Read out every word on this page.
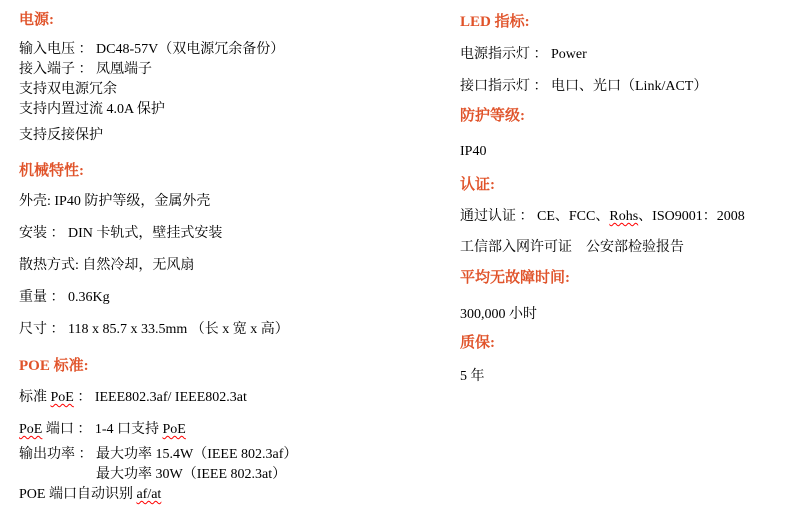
电源:

输入电压 ： DC48-57V（双电源冗余备份）

接入端子 ： 凤凰端子

支持双电源冗余

支持内置过流 4.0A 保护

支持反接保护

机械特性:

外壳: IP40 防护等级，金属外壳

安装 ： DIN 卡轨式，壁挂式安装

散热方式: 自然冷却，无风扇

重量 ： 0.36Kg

尺寸 ： 118 x 85.7 x 33.5mm （长 x 宽 x 高）

POE 标准:

标准 PoE ： IEEE802.3af/ IEEE802.3at

PoE 端口 ： 1-4 口支持 PoE

输出功率 ： 最大功率 15.4W（IEEE 802.3af）

最大功率 30W（IEEE 802.3at）

POE 端口自动识别 af/at

LED 指标:

电源指示灯 ： Power

接口指示灯 ： 电口、光口（Link/ACT）

防护等级:

IP40

认证:

通过认证 ： CE、FCC、Rohs、ISO9001：2008

工信部入网许可证　公安部检验报告

平均无故障时间:

300,000 小时

质保:

5 年
